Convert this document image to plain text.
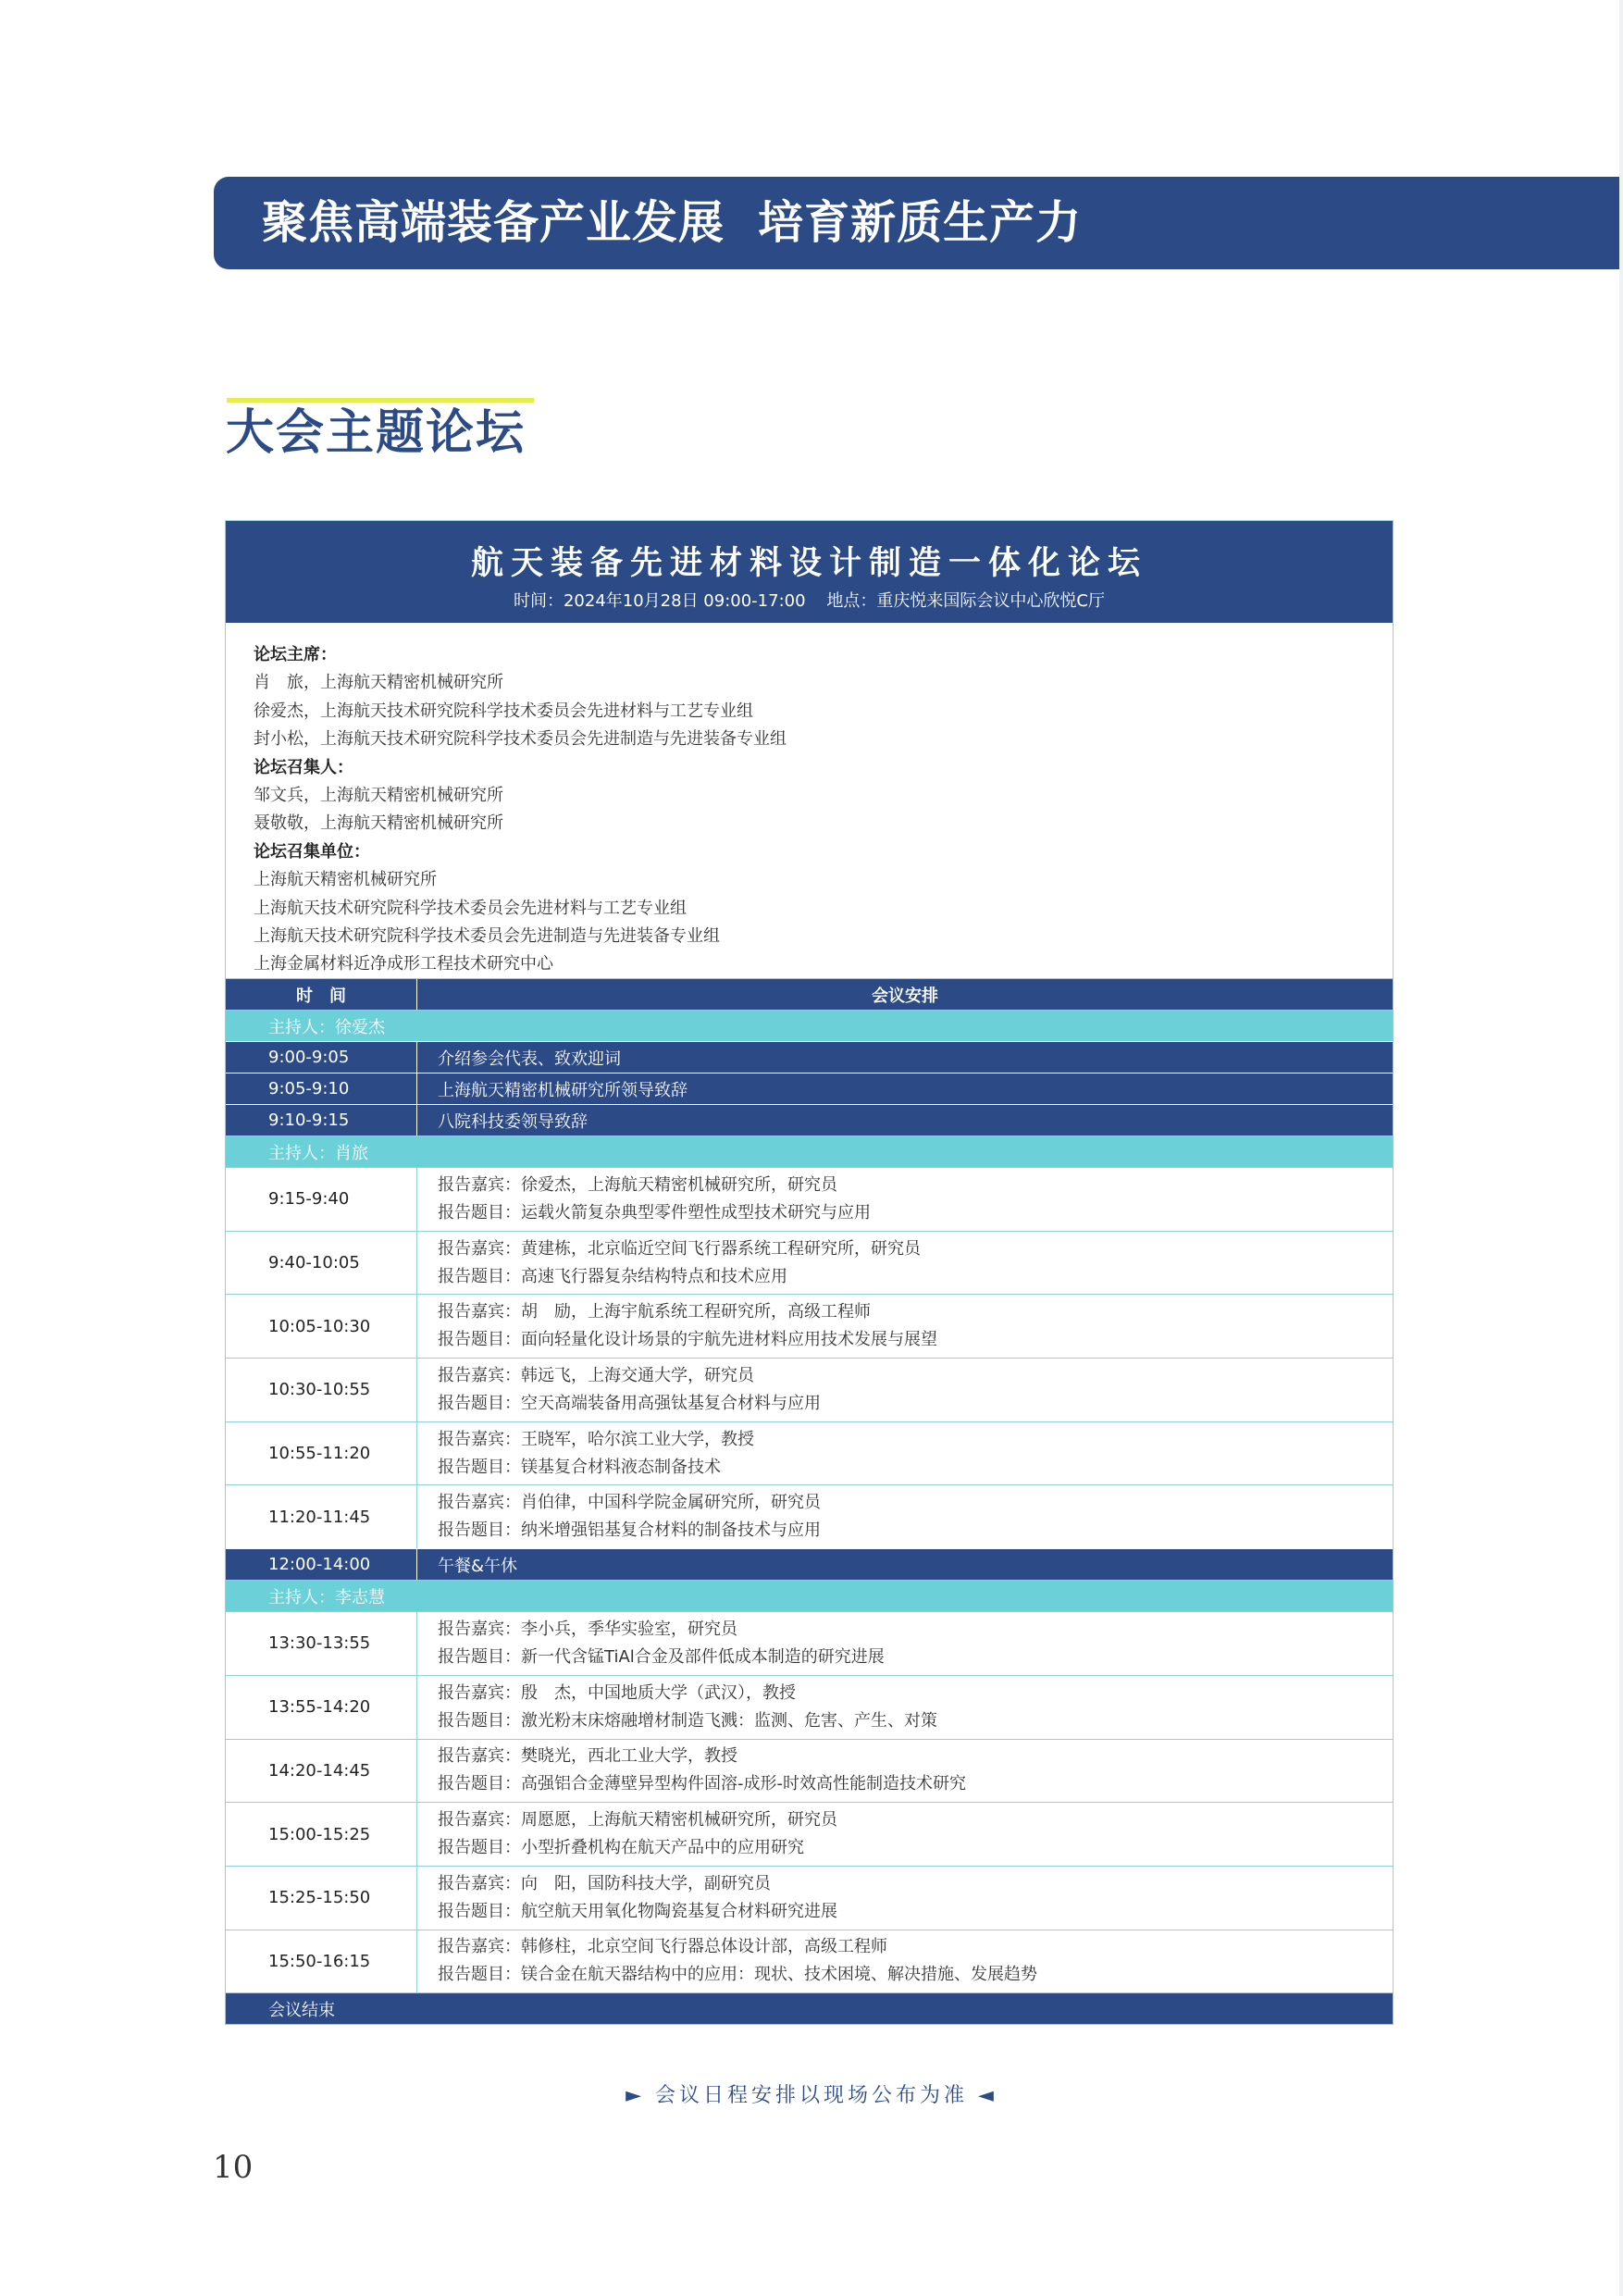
聚焦高端装备产业发展  培育新质生产力
大会主题论坛
航天装备先进材料设计制造一体化论坛
时间：2024年10月28日 09:00-17:00    地点：重庆悦来国际会议中心欣悦C厅
论坛主席：
肖　旅，上海航天精密机械研究所
徐爱杰，上海航天技术研究院科学技术委员会先进材料与工艺专业组
封小松，上海航天技术研究院科学技术委员会先进制造与先进装备专业组
论坛召集人：
邹文兵，上海航天精密机械研究所
聂敬敬，上海航天精密机械研究所
论坛召集单位：
上海航天精密机械研究所
上海航天技术研究院科学技术委员会先进材料与工艺专业组
上海航天技术研究院科学技术委员会先进制造与先进装备专业组
上海金属材料近净成形工程技术研究中心
时　间	会议安排
主持人：徐爱杰
9:00-9:05	介绍参会代表、致欢迎词
9:05-9:10	上海航天精密机械研究所领导致辞
9:10-9:15	八院科技委领导致辞
主持人：肖旅
9:15-9:40
报告嘉宾：徐爱杰，上海航天精密机械研究所，研究员
报告题目：运载火箭复杂典型零件塑性成型技术研究与应用
9:40-10:05
报告嘉宾：黄建栋，北京临近空间飞行器系统工程研究所，研究员
报告题目：高速飞行器复杂结构特点和技术应用
10:05-10:30
报告嘉宾：胡　励，上海宇航系统工程研究所，高级工程师
报告题目：面向轻量化设计场景的宇航先进材料应用技术发展与展望
10:30-10:55
报告嘉宾：韩远飞，上海交通大学，研究员
报告题目：空天高端装备用高强钛基复合材料与应用
10:55-11:20
报告嘉宾：王晓军，哈尔滨工业大学，教授
报告题目：镁基复合材料液态制备技术
11:20-11:45
报告嘉宾：肖伯律，中国科学院金属研究所，研究员
报告题目：纳米增强铝基复合材料的制备技术与应用
12:00-14:00	午餐&午休
主持人：李志慧
13:30-13:55
报告嘉宾：李小兵，季华实验室，研究员
报告题目：新一代含锰TiAl合金及部件低成本制造的研究进展
13:55-14:20
报告嘉宾：殷　杰，中国地质大学（武汉），教授
报告题目：激光粉末床熔融增材制造飞溅：监测、危害、产生、对策
14:20-14:45
报告嘉宾：樊晓光，西北工业大学，教授
报告题目：高强铝合金薄壁异型构件固溶-成形-时效高性能制造技术研究
15:00-15:25
报告嘉宾：周愿愿，上海航天精密机械研究所，研究员
报告题目：小型折叠机构在航天产品中的应用研究
15:25-15:50
报告嘉宾：向　阳，国防科技大学，副研究员
报告题目：航空航天用氧化物陶瓷基复合材料研究进展
15:50-16:15
报告嘉宾：韩修柱，北京空间飞行器总体设计部，高级工程师
报告题目：镁合金在航天器结构中的应用：现状、技术困境、解决措施、发展趋势
会议结束
► 会议日程安排以现场公布为准 ◄
10
